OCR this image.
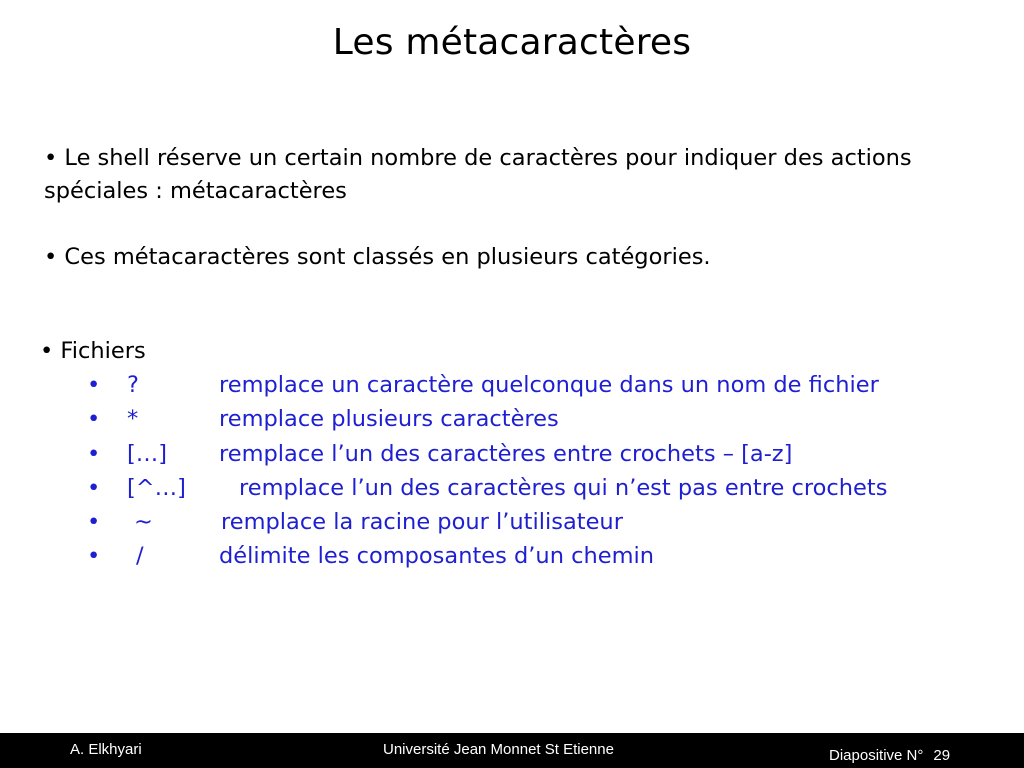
Les métacaractères

• Le shell réserve un certain nombre de caractères pour indiquer des actions spéciales : métacaractères

• Ces métacaractères sont classés en plusieurs catégories.

• Fichiers
• ?	remplace un caractère quelconque dans un nom de fichier
• *	remplace plusieurs caractères
• […] remplace l’un des caractères entre crochets – [a-z]
• [^…] remplace l’un des caractères qui n’est pas entre crochets
• ~	remplace la racine pour l’utilisateur
• /	délimite les composantes d’un chemin
A. Elkhyari	Université Jean Monnet St Etienne	Diapositive N° 29
